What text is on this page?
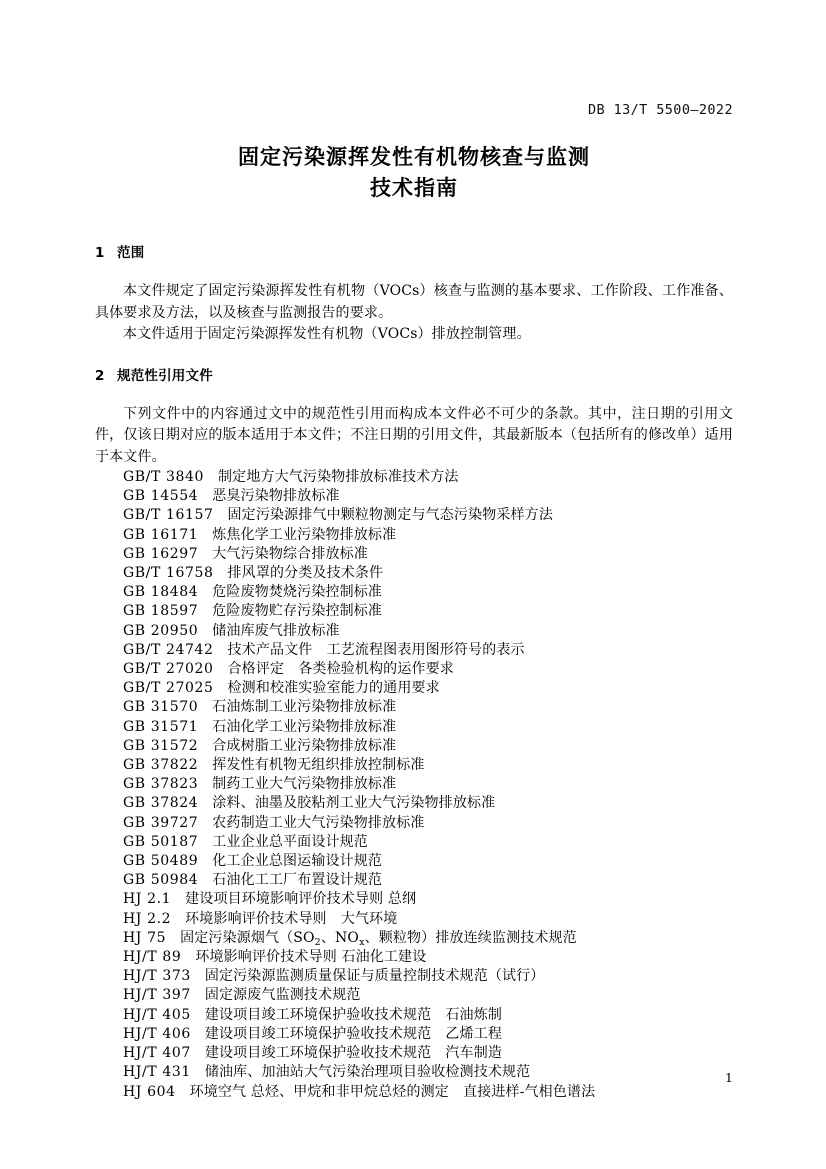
DB 13/T 5500—2022
固定污染源挥发性有机物核查与监测
技术指南
1 范围

本文件规定了固定污染源挥发性有机物（VOCs）核查与监测的基本要求、工作阶段、工作准备、具体要求及方法，以及核查与监测报告的要求。

本文件适用于固定污染源挥发性有机物（VOCs）排放控制管理。

2 规范性引用文件

下列文件中的内容通过文中的规范性引用而构成本文件必不可少的条款。其中，注日期的引用文件，仅该日期对应的版本适用于本文件；不注日期的引用文件，其最新版本（包括所有的修改单）适用于本文件。

GB/T 3840 制定地方大气污染物排放标准技术方法
GB 14554 恶臭污染物排放标准
GB/T 16157 固定污染源排气中颗粒物测定与气态污染物采样方法
GB 16171 炼焦化学工业污染物排放标准
GB 16297 大气污染物综合排放标准
GB/T 16758 排风罩的分类及技术条件
GB 18484 危险废物焚烧污染控制标准
GB 18597 危险废物贮存污染控制标准
GB 20950 储油库废气排放标准
GB/T 24742 技术产品文件　工艺流程图表用图形符号的表示
GB/T 27020 合格评定　各类检验机构的运作要求
GB/T 27025 检测和校准实验室能力的通用要求
GB 31570 石油炼制工业污染物排放标准
GB 31571 石油化学工业污染物排放标准
GB 31572 合成树脂工业污染物排放标准
GB 37822 挥发性有机物无组织排放控制标准
GB 37823 制药工业大气污染物排放标准
GB 37824 涂料、油墨及胶粘剂工业大气污染物排放标准
GB 39727 农药制造工业大气污染物排放标准
GB 50187 工业企业总平面设计规范
GB 50489 化工企业总图运输设计规范
GB 50984 石油化工工厂布置设计规范
HJ 2.1 建设项目环境影响评价技术导则 总纲
HJ 2.2 环境影响评价技术导则　大气环境
HJ 75 固定污染源烟气（$SO_2$、$NO_x$、颗粒物）排放连续监测技术规范
HJ/T 89 环境影响评价技术导则 石油化工建设
HJ/T 373 固定污染源监测质量保证与质量控制技术规范（试行）
HJ/T 397 固定源废气监测技术规范
HJ/T 405 建设项目竣工环境保护验收技术规范　石油炼制
HJ/T 406 建设项目竣工环境保护验收技术规范　乙烯工程
HJ/T 407 建设项目竣工环境保护验收技术规范　汽车制造
HJ/T 431 储油库、加油站大气污染治理项目验收检测技术规范
HJ 604 环境空气 总烃、甲烷和非甲烷总烃的测定　直接进样-气相色谱法
1
